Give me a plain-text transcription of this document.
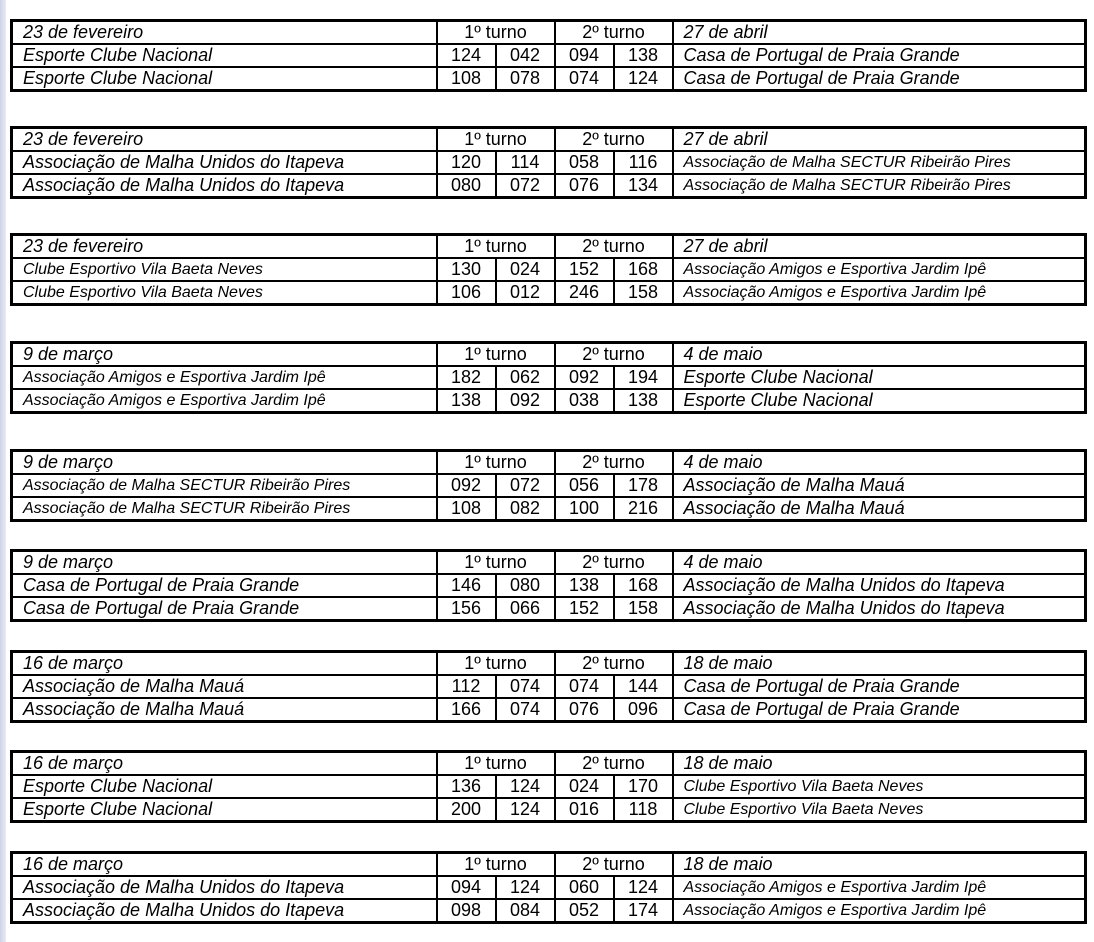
23 de fevereiro	1º turno		2º turno		27 de abril
Esporte Clube Nacional	124	042	094	138	Casa de Portugal de Praia Grande
Esporte Clube Nacional	108	078	074	124	Casa de Portugal de Praia Grande
23 de fevereiro	1º turno		2º turno		27 de abril
Associação de Malha Unidos do Itapeva	120	114	058	116	Associação de Malha SECTUR Ribeirão Pires
Associação de Malha Unidos do Itapeva	080	072	076	134	Associação de Malha SECTUR Ribeirão Pires
23 de fevereiro	1º turno		2º turno		27 de abril
Clube Esportivo Vila Baeta Neves	130	024	152	168	Associação Amigos e Esportiva Jardim Ipê
Clube Esportivo Vila Baeta Neves	106	012	246	158	Associação Amigos e Esportiva Jardim Ipê
9 de março	1º turno		2º turno		4 de maio
Associação Amigos e Esportiva Jardim Ipê	182	062	092	194	Esporte Clube Nacional
Associação Amigos e Esportiva Jardim Ipê	138	092	038	138	Esporte Clube Nacional
9 de março	1º turno		2º turno		4 de maio
Associação de Malha SECTUR Ribeirão Pires	092	072	056	178	Associação de Malha Mauá
Associação de Malha SECTUR Ribeirão Pires	108	082	100	216	Associação de Malha Mauá
9 de março	1º turno		2º turno		4 de maio
Casa de Portugal de Praia Grande	146	080	138	168	Associação de Malha Unidos do Itapeva
Casa de Portugal de Praia Grande	156	066	152	158	Associação de Malha Unidos do Itapeva
16 de março	1º turno		2º turno		18 de maio
Associação de Malha Mauá	112	074	074	144	Casa de Portugal de Praia Grande
Associação de Malha Mauá	166	074	076	096	Casa de Portugal de Praia Grande
16 de março	1º turno		2º turno		18 de maio
Esporte Clube Nacional	136	124	024	170	Clube Esportivo Vila Baeta Neves
Esporte Clube Nacional	200	124	016	118	Clube Esportivo Vila Baeta Neves
16 de março	1º turno		2º turno		18 de maio
Associação de Malha Unidos do Itapeva	094	124	060	124	Associação Amigos e Esportiva Jardim Ipê
Associação de Malha Unidos do Itapeva	098	084	052	174	Associação Amigos e Esportiva Jardim Ipê
